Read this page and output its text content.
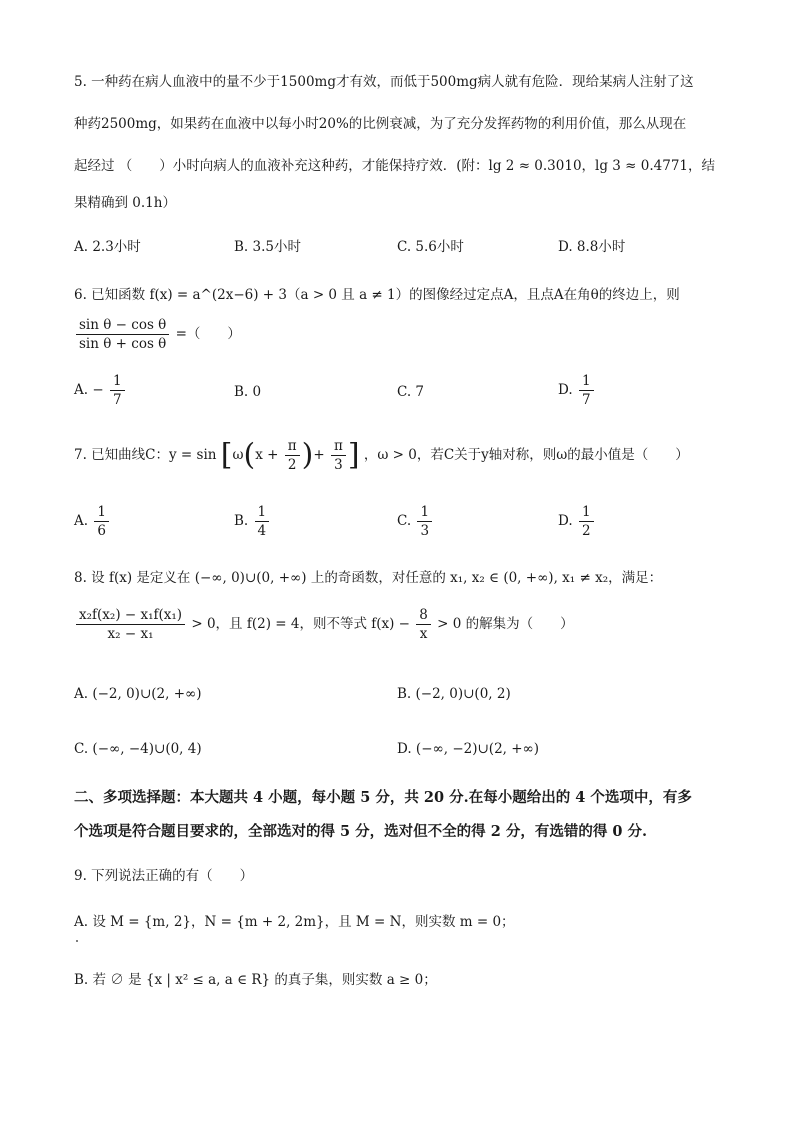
5. 一种药在病人血液中的量不少于1500mg才有效，而低于500mg病人就有危险．现给某病人注射了这
种药2500mg，如果药在血液中以每小时20%的比例衰减，为了充分发挥药物的利用价值，那么从现在
起经过 （　　）小时向病人的血液补充这种药，才能保持疗效．(附：lg 2 ≈ 0.3010，lg 3 ≈ 0.4771，结
果精确到 0.1h）
A. 2.3小时	B. 3.5小时	C. 5.6小时	D. 8.8小时
6. 已知函数 f(x) = a^(2x−6) + 3（a > 0 且 a ≠ 1）的图像经过定点A，且点A在角θ的终边上，则
$\frac{\text{sin θ − cos θ}}{\text{sin θ + cos θ}}$ =（　　）
A. − $\frac{1}{7}$	B. 0	C. 7	D. $\frac{1}{7}$
7. 已知曲线C：$y = \sin [\omega(x + \frac{\pi}{2}$ )+ $\frac{\pi}{3}$ ] ，ω > 0，若C关于y轴对称，则ω的最小值是（　　）
A. $\frac{1}{6}$	B. $\frac{1}{4}$	C. $\frac{1}{3}$	D. $\frac{1}{2}$
8. 设 f(x) 是定义在 (−∞, 0)∪(0, +∞) 上的奇函数，对任意的 x₁, x₂ ∈ (0, +∞), x₁ ≠ x₂，满足：
$\frac{\text{x₂f(x₂) − x₁f(x₁)}}{\text{x₂ − x₁}} > 0$，且 f(2) = 4，则不等式 $f(x) - \frac{8}{x} > 0$ 的解集为（　　）
A. (−2, 0)∪(2, +∞)	B. (−2, 0)∪(0, 2)
C. (−∞, −4)∪(0, 4)	D. (−∞, −2)∪(2, +∞)
二、多项选择题：本大题共 4 小题，每小题 5 分，共 20 分.在每小题给出的 4 个选项中，有多
个选项是符合题目要求的，全部选对的得 5 分，选对但不全的得 2 分，有选错的得 0 分.
9. 下列说法正确的有（　　）
A. 设 M = {m, 2}，N = {m + 2, 2m}，且 M = N，则实数 m = 0；
B. 若 ∅ 是 {x | x² ≤ a, a ∈ R} 的真子集，则实数 a ≥ 0；
